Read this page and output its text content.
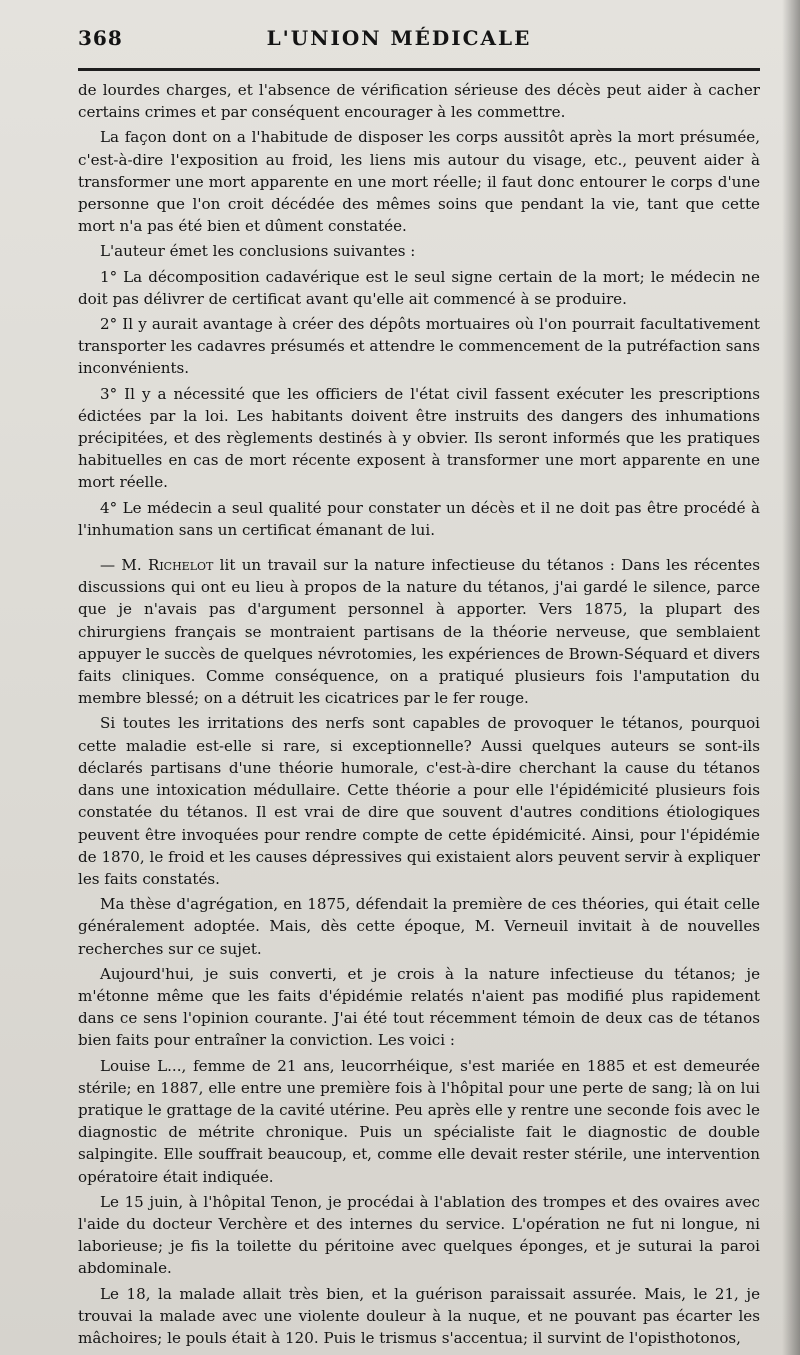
368	L'UNION MÉDICALE

de lourdes charges, et l'absence de vérification sérieuse des décès peut aider à cacher certains crimes et par conséquent encourager à les commettre.

La façon dont on a l'habitude de disposer les corps aussitôt après la mort présumée, c'est-à-dire l'exposition au froid, les liens mis autour du visage, etc., peuvent aider à transformer une mort apparente en une mort réelle; il faut donc entourer le corps d'une personne que l'on croit décédée des mêmes soins que pendant la vie, tant que cette mort n'a pas été bien et dûment constatée.

L'auteur émet les conclusions suivantes :

1° La décomposition cadavérique est le seul signe certain de la mort; le médecin ne doit pas délivrer de certificat avant qu'elle ait commencé à se produire.

2° Il y aurait avantage à créer des dépôts mortuaires où l'on pourrait facultativement transporter les cadavres présumés et attendre le commencement de la putréfaction sans inconvénients.

3° Il y a nécessité que les officiers de l'état civil fassent exécuter les prescriptions édictées par la loi. Les habitants doivent être instruits des dangers des inhumations précipitées, et des règlements destinés à y obvier. Ils seront informés que les pratiques habituelles en cas de mort récente exposent à transformer une mort apparente en une mort réelle.

4° Le médecin a seul qualité pour constater un décès et il ne doit pas être procédé à l'inhumation sans un certificat émanant de lui.

— M. Richelot lit un travail sur la nature infectieuse du tétanos : Dans les récentes discussions qui ont eu lieu à propos de la nature du tétanos, j'ai gardé le silence, parce que je n'avais pas d'argument personnel à apporter. Vers 1875, la plupart des chirurgiens français se montraient partisans de la théorie nerveuse, que semblaient appuyer le succès de quelques névrotomies, les expériences de Brown-Séquard et divers faits cliniques. Comme conséquence, on a pratiqué plusieurs fois l'amputation du membre blessé; on a détruit les cicatrices par le fer rouge.

Si toutes les irritations des nerfs sont capables de provoquer le tétanos, pourquoi cette maladie est-elle si rare, si exceptionnelle? Aussi quelques auteurs se sont-ils déclarés partisans d'une théorie humorale, c'est-à-dire cherchant la cause du tétanos dans une intoxication médullaire. Cette théorie a pour elle l'épidémicité plusieurs fois constatée du tétanos. Il est vrai de dire que souvent d'autres conditions étiologiques peuvent être invoquées pour rendre compte de cette épidémicité. Ainsi, pour l'épidémie de 1870, le froid et les causes dépressives qui existaient alors peuvent servir à expliquer les faits constatés.

Ma thèse d'agrégation, en 1875, défendait la première de ces théories, qui était celle généralement adoptée. Mais, dès cette époque, M. Verneuil invitait à de nouvelles recherches sur ce sujet.

Aujourd'hui, je suis converti, et je crois à la nature infectieuse du tétanos; je m'étonne même que les faits d'épidémie relatés n'aient pas modifié plus rapidement dans ce sens l'opinion courante. J'ai été tout récemment témoin de deux cas de tétanos bien faits pour entraîner la conviction. Les voici :

Louise L..., femme de 21 ans, leucorrhéique, s'est mariée en 1885 et est demeurée stérile; en 1887, elle entre une première fois à l'hôpital pour une perte de sang; là on lui pratique le grattage de la cavité utérine. Peu après elle y rentre une seconde fois avec le diagnostic de métrite chronique. Puis un spécialiste fait le diagnostic de double salpingite. Elle souffrait beaucoup, et, comme elle devait rester stérile, une intervention opératoire était indiquée.

Le 15 juin, à l'hôpital Tenon, je procédai à l'ablation des trompes et des ovaires avec l'aide du docteur Verchère et des internes du service. L'opération ne fut ni longue, ni laborieuse; je fis la toilette du péritoine avec quelques éponges, et je suturai la paroi abdominale.

Le 18, la malade allait très bien, et la guérison paraissait assurée. Mais, le 21, je trouvai la malade avec une violente douleur à la nuque, et ne pouvant pas écarter les mâchoires; le pouls était à 120. Puis le trismus s'accentua; il survint de l'opisthotonos,
